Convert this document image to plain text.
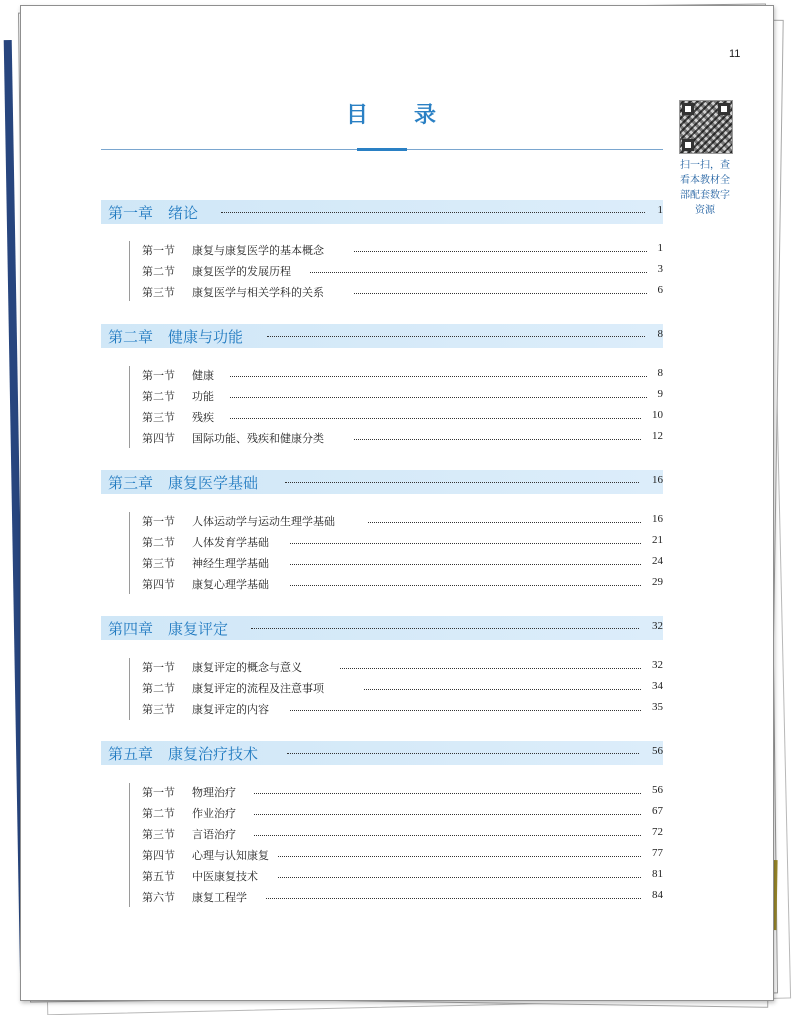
11
目　录
扫一扫，查
看本教材全
部配套数字
资源
第一章　绪论	1
第一节 康复与康复医学的基本概念	1
第二节 康复医学的发展历程	3
第三节 康复医学与相关学科的关系	6
第二章　健康与功能	8
第一节 健康	8
第二节 功能	9
第三节 残疾	10
第四节 国际功能、残疾和健康分类	12
第三章　康复医学基础	16
第一节 人体运动学与运动生理学基础	16
第二节 人体发育学基础	21
第三节 神经生理学基础	24
第四节 康复心理学基础	29
第四章　康复评定	32
第一节 康复评定的概念与意义	32
第二节 康复评定的流程及注意事项	34
第三节 康复评定的内容	35
第五章　康复治疗技术	56
第一节 物理治疗	56
第二节 作业治疗	67
第三节 言语治疗	72
第四节 心理与认知康复	77
第五节 中医康复技术	81
第六节 康复工程学	84
